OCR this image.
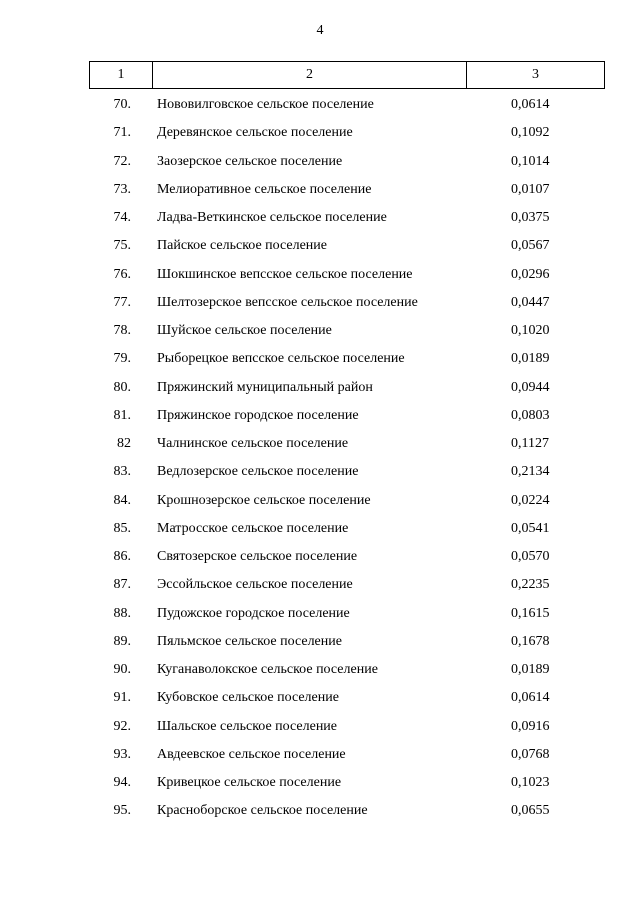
4
1	2	3
70. Нововилговское сельское поселение	0,0614
71. Деревянское сельское поселение	0,1092
72. Заозерское сельское поселение	0,1014
73. Мелиоративное сельское поселение	0,0107
74. Ладва-Веткинское сельское поселение	0,0375
75. Пайское сельское поселение	0,0567
76. Шокшинское вепсское сельское поселение	0,0296
77. Шелтозерское вепсское сельское поселение	0,0447
78. Шуйское сельское поселение	0,1020
79. Рыборецкое вепсское сельское поселение	0,0189
80. Пряжинский муниципальный район	0,0944
81. Пряжинское городское поселение	0,0803
82 Чалнинское сельское поселение	0,1127
83. Ведлозерское сельское поселение	0,2134
84. Крошнозерское сельское поселение	0,0224
85. Матросское сельское поселение	0,0541
86. Святозерское сельское поселение	0,0570
87. Эссойльское сельское поселение	0,2235
88. Пудожское городское поселение	0,1615
89. Пяльмское сельское поселение	0,1678
90. Куганаволокское сельское поселение	0,0189
91. Кубовское сельское поселение	0,0614
92. Шальское сельское поселение	0,0916
93. Авдеевское сельское поселение	0,0768
94. Кривецкое сельское поселение	0,1023
95. Красноборское сельское поселение	0,0655
